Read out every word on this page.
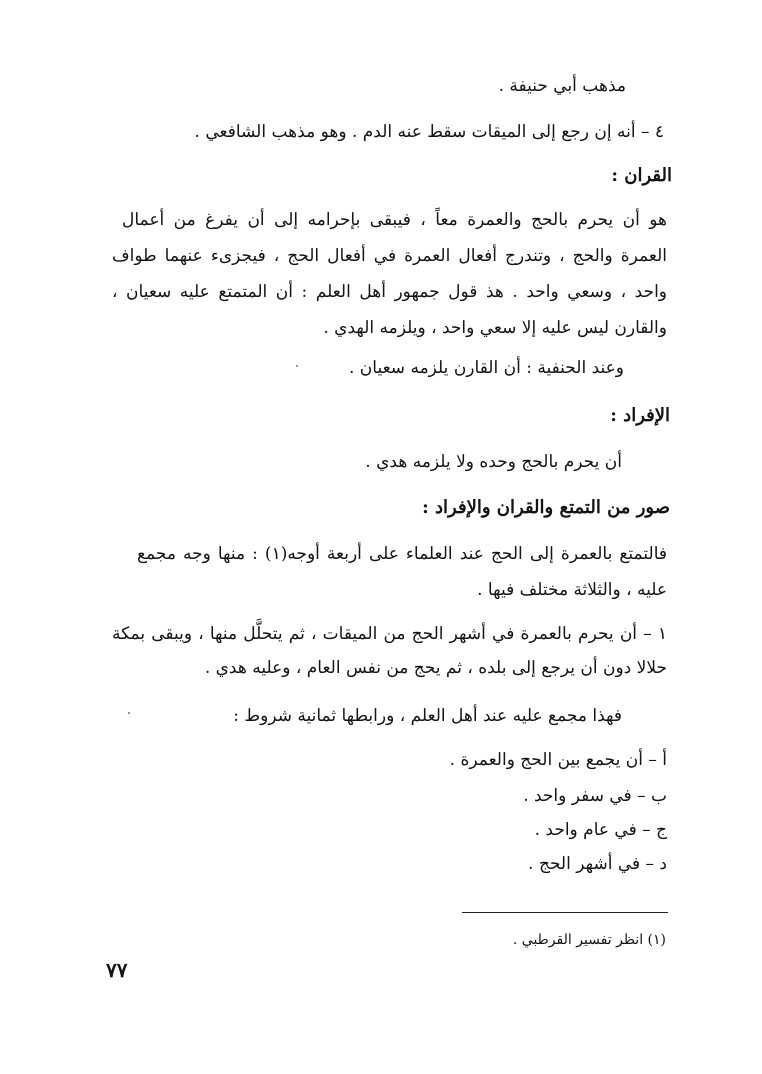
مذهب أبي حنيفة .
٤ – أنه إن رجع إلى الميقات سقط عنه الدم . وهو مذهب الشافعي .
القران :
هو أن يحرم بالحج والعمرة معاً ، فيبقى بإحرامه إلى أن يفرغ من أعمال
العمرة والحج ، وتندرج أفعال العمرة في أفعال الحج ، فيجزىء عنهما طواف
واحد ، وسعي واحد . هذ قول جمهور أهل العلم : أن المتمتع عليه سعيان ،
والقارن ليس عليه إلا سعي واحد ، ويلزمه الهدي .
وعند الحنفية : أن القارن يلزمه سعيان .
الإفراد :
أن يحرم بالحج وحده ولا يلزمه هدي .
صور من التمتع والقران والإفراد :
فالتمتع بالعمرة إلى الحج عند العلماء على أربعة أوجه(١) : منها وجه مجمع
عليه ، والثلاثة مختلف فيها .
١ – أن يحرم بالعمرة في أشهر الحج من الميقات ، ثم يتحلَّل منها ، ويبقى بمكة
حلالا دون أن يرجع إلى بلده ، ثم يحج من نفس العام ، وعليه هدي .
فهذا مجمع عليه عند أهل العلم ، ورابطها ثمانية شروط :
أ – أن يجمع بين الحج والعمرة .
ب – في سفر واحد .
ج – في عام واحد .
د – في أشهر الحج .
(١) انظر تفسير القرطبي .
٧٧
